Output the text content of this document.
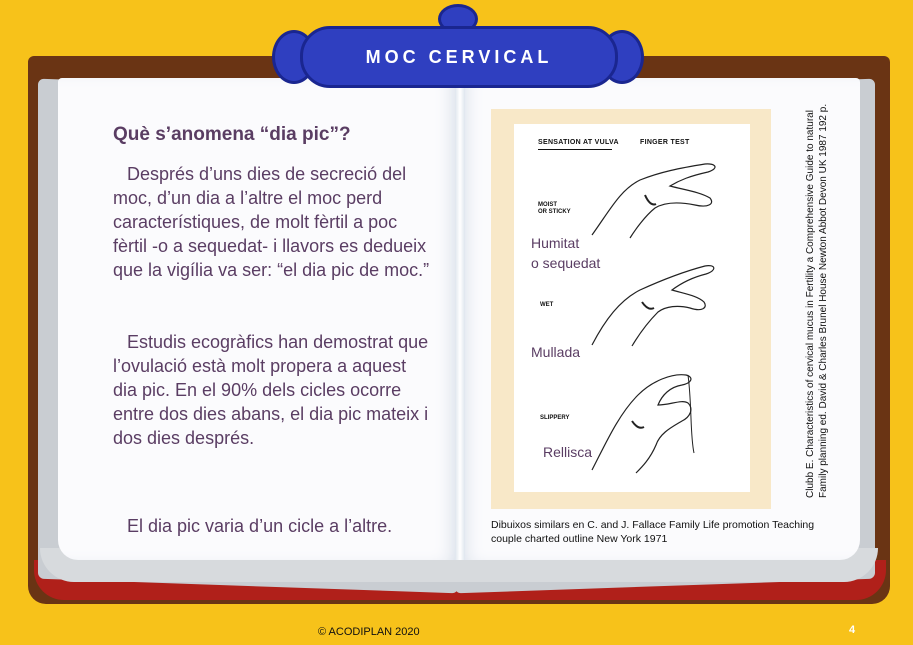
MOC CERVICAL
Què s’anomena “dia pic”?

Després d’uns dies de secreció del moc, d’un dia a l’altre el moc perd característiques, de molt fèrtil a poc fèrtil -o a sequedat- i llavors es dedueix que la vigília va ser: “el dia pic de moc.”

Estudis ecogràfics han demostrat que l’ovulació està molt propera a aquest dia pic. En el 90% dels cicles ocorre entre dos dies abans, el dia pic mateix i dos dies després.

El dia pic varia d’un cicle a l’altre.

SENSATION AT VULVA	FINGER TEST
MOIST
OR STICKY
WET
SLIPPERY
Humitat
o sequedat
Mullada
Rellisca

Dibuixos similars en C. and J. Fallace Family Life promotion Teaching couple charted outline New York 1971

Clubb E. Characteristics of cervical mucus in Fertility a Comprehensive Guide to natural Family planning ed. David & Charles Brunel House Newton Abbot Devon UK 1987 192 p.

© ACODIPLAN 2020	4
